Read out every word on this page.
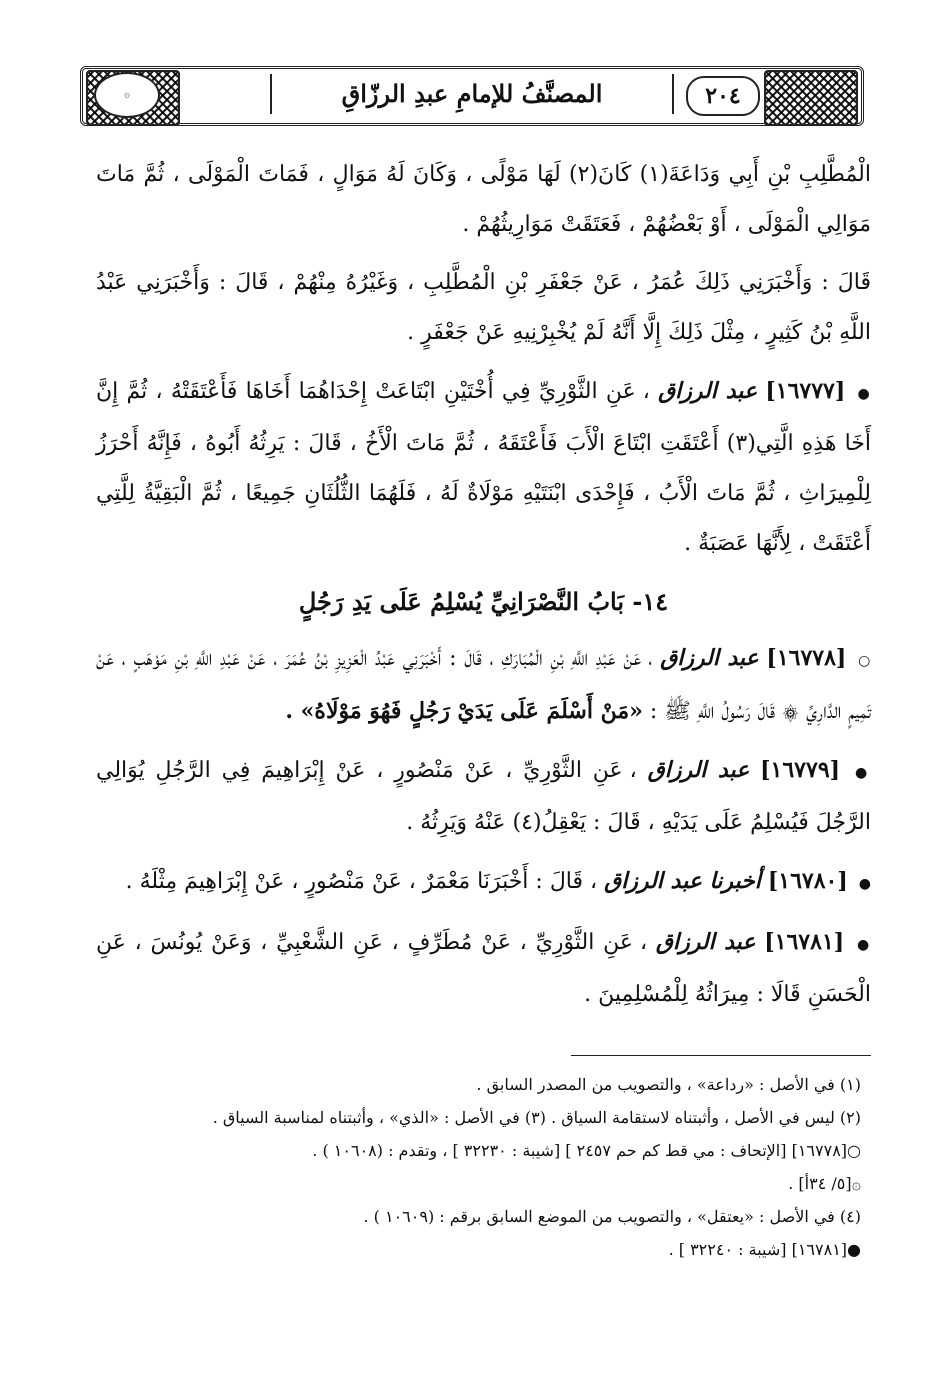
۞	٢٠٤
المصنَّفُ للإمامِ عبدِ الرزّاقِ

الْمُطَّلِبِ بْنِ أَبِي وَدَاعَةَ(١) كَانَ(٢) لَهَا مَوْلًى ، وَكَانَ لَهُ مَوَالٍ ، فَمَاتَ الْمَوْلَى ، ثُمَّ مَاتَ مَوَالِي الْمَوْلَى ، أَوْ بَعْضُهُمْ ، فَعَتَقَتْ مَوَارِيثُهُمْ .

قَالَ : وَأَخْبَرَنِي ذَلِكَ عُمَرُ ، عَنْ جَعْفَرِ بْنِ الْمُطَّلِبِ ، وَغَيْرُهُ مِنْهُمْ ، قَالَ : وَأَخْبَرَنِي عَبْدُ اللَّهِ بْنُ كَثِيرٍ ، مِثْلَ ذَلِكَ إِلَّا أَنَّهُ لَمْ يُخْبِرْنِيهِ عَنْ جَعْفَرٍ .

● [١٦٧٧٧] عبد الرزاق ، عَنِ الثَّوْرِيِّ فِي أُخْتَيْنِ ابْتَاعَتْ إِحْدَاهُمَا أَخَاهَا فَأَعْتَقَتْهُ ، ثُمَّ إِنَّ أَخَا هَذِهِ الَّتِي(٣) أَعْتَقَتِ ابْتَاعَ الْأَبَ فَأَعْتَقَهُ ، ثُمَّ مَاتَ الْأَخُ ، قَالَ : يَرِثُهُ أَبُوهُ ، فَإِنَّهُ أَحْرَزُ لِلْمِيرَاثِ ، ثُمَّ مَاتَ الْأَبُ ، فَإِحْدَى ابْنَتَيْهِ مَوْلَاةٌ لَهُ ، فَلَهُمَا الثُّلُثَانِ جَمِيعًا ، ثُمَّ الْبَقِيَّةُ لِلَّتِي أَعْتَقَتْ ، لِأَنَّهَا عَصَبَةٌ .

١٤- بَابُ النَّصْرَانِيِّ يُسْلِمُ عَلَى يَدِ رَجُلٍ

○ [١٦٧٧٨] عبد الرزاق ، عَنْ عَبْدِ اللَّهِ بْنِ الْمُبَارَكِ ، قَالَ : أَخْبَرَنِي عَبْدُ الْعَزِيزِ بْنُ عُمَرَ ، عَنْ عَبْدِ اللَّهِ بْنِ مَوْهَبٍ ، عَنْ تَمِيمٍ الدَّارِيِّ ۞ قَالَ رَسُولُ اللَّهِ ﷺ : «مَنْ أَسْلَمَ عَلَى يَدَيْ رَجُلٍ فَهُوَ مَوْلَاهُ» .

● [١٦٧٧٩] عبد الرزاق ، عَنِ الثَّوْرِيِّ ، عَنْ مَنْصُورٍ ، عَنْ إِبْرَاهِيمَ فِي الرَّجُلِ يُوَالِي الرَّجُلَ فَيُسْلِمُ عَلَى يَدَيْهِ ، قَالَ : يَعْقِلُ(٤) عَنْهُ وَيَرِثُهُ .

● [١٦٧٨٠] أخبرنا عبد الرزاق ، قَالَ : أَخْبَرَنَا مَعْمَرٌ ، عَنْ مَنْصُورٍ ، عَنْ إِبْرَاهِيمَ مِثْلَهُ .

● [١٦٧٨١] عبد الرزاق ، عَنِ الثَّوْرِيِّ ، عَنْ مُطَرِّفٍ ، عَنِ الشَّعْبِيِّ ، وَعَنْ يُونُسَ ، عَنِ الْحَسَنِ قَالَا : مِيرَاثُهُ لِلْمُسْلِمِينَ .

(١) في الأصل : «رداعة» ، والتصويب من المصدر السابق .
(٢) ليس في الأصل ، وأثبتناه لاستقامة السياق . (٣) في الأصل : «الذي» ، وأثبتناه لمناسبة السياق .
○[١٦٧٧٨] [الإتحاف : مي قط كم حم ٢٤٥٧ ] [شيبة : ٣٢٢٣٠ ] ، وتقدم : (١٠٦٠٨ ) .
۞[٥/ ٣٤أ] .
(٤) في الأصل : «يعتقل» ، والتصويب من الموضع السابق برقم : (١٠٦٠٩ ) .
●[١٦٧٨١] [شيبة : ٣٢٢٤٠ ] .
